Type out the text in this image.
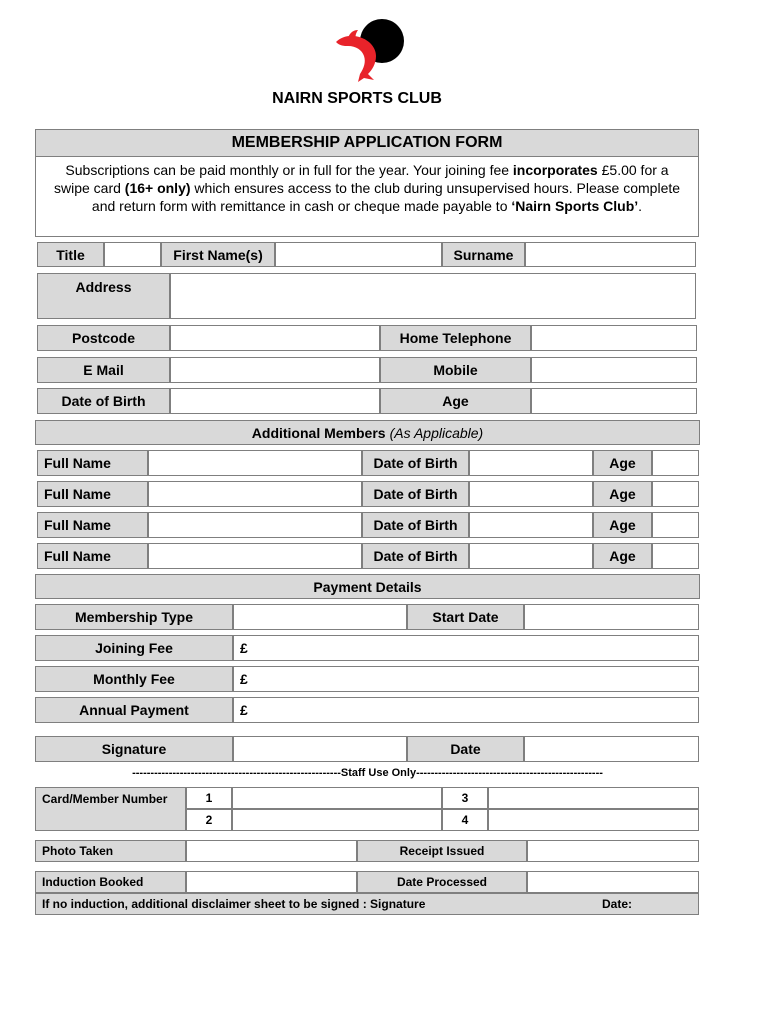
NAIRN SPORTS CLUB
MEMBERSHIP APPLICATION FORM
Subscriptions can be paid monthly or in full for the year. Your joining fee incorporates £5.00 for a swipe card (16+ only) which ensures access to the club during unsupervised hours. Please complete and return form with remittance in cash or cheque made payable to ‘Nairn Sports Club’.
Title	First Name(s)	Surname
Address
Postcode	Home Telephone
E Mail	Mobile
Date of Birth	Age
Additional Members (As Applicable)
Full Name	Date of Birth	Age
Full Name	Date of Birth	Age
Full Name	Date of Birth	Age
Full Name	Date of Birth	Age
Payment Details
Membership Type	Start Date
Joining Fee	£
Monthly Fee	£
Annual Payment	£
Signature	Date
---------------------------------------------------------Staff Use Only---------------------------------------------------
Card/Member Number	1	3
2	4
Photo Taken	Receipt Issued
Induction Booked	Date Processed
If no induction, additional disclaimer sheet to be signed : Signature	Date:
